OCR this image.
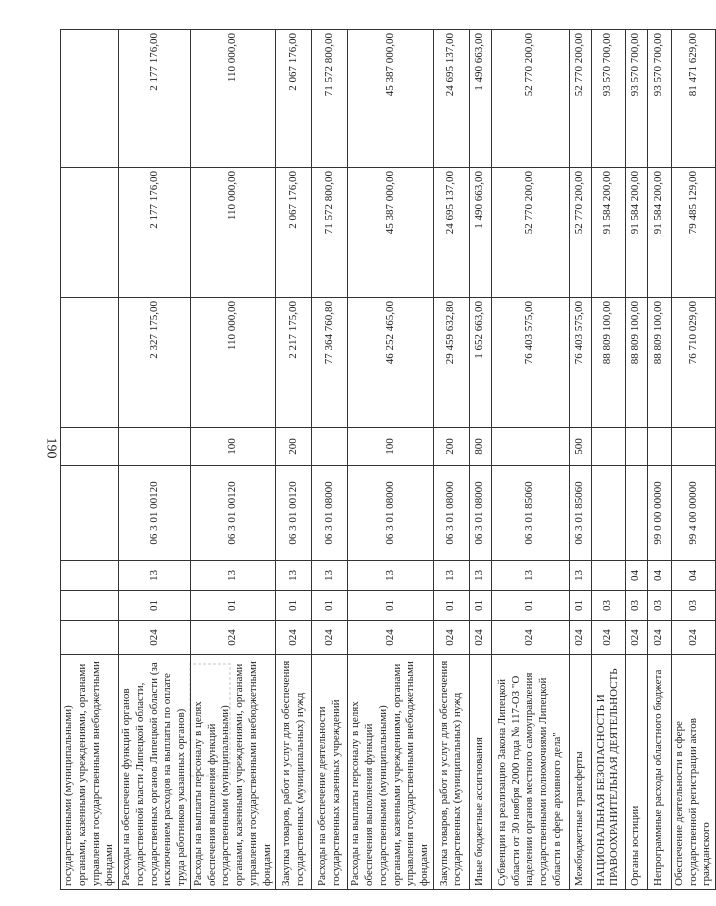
190
государственными (муниципальными) органами, казенными учреждениями, органами управления государственными внебюджетными фондами								
Расходы на обеспечение функций органов государственной власти Липецкой области, государственных органов Липецкой области (за исключением расходов на выплаты по оплате труда работников указанных органов)	024	01	13	06 3 01 00120		2 327 175,00	2 177 176,00	2 177 176,00
Расходы на выплаты персоналу в целях обеспечения выполнения функций государственными (муниципальными) органами, казенными учреждениями, органами управления государственными внебюджетными фондами	024	01	13	06 3 01 00120	100	110 000,00	110 000,00	110 000,00
Закупка товаров, работ и услуг для обеспечения государственных (муниципальных) нужд	024	01	13	06 3 01 00120	200	2 217 175,00	2 067 176,00	2 067 176,00
Расходы на обеспечение деятельности государственных казенных учреждений	024	01	13	06 3 01 08000		77 364 760,80	71 572 800,00	71 572 800,00
Расходы на выплаты персоналу в целях обеспечения выполнения функций государственными (муниципальными) органами, казенными учреждениями, органами управления государственными внебюджетными фондами	024	01	13	06 3 01 08000	100	46 252 465,00	45 387 000,00	45 387 000,00
Закупка товаров, работ и услуг для обеспечения государственных (муниципальных) нужд	024	01	13	06 3 01 08000	200	29 459 632,80	24 695 137,00	24 695 137,00
Иные бюджетные ассигнования	024	01	13	06 3 01 08000	800	1 652 663,00	1 490 663,00	1 490 663,00
Субвенции на реализацию Закона Липецкой области от 30 ноября 2000 года № 117-ОЗ "О наделении органов местного самоуправления государственными полномочиями Липецкой области в сфере архивного дела"	024	01	13	06 3 01 85060		76 403 575,00	52 770 200,00	52 770 200,00
Межбюджетные трансферты	024	01	13	06 3 01 85060	500	76 403 575,00	52 770 200,00	52 770 200,00
НАЦИОНАЛЬНАЯ БЕЗОПАСНОСТЬ И ПРАВООХРАНИТЕЛЬНАЯ ДЕЯТЕЛЬНОСТЬ	024	03				88 809 100,00	91 584 200,00	93 570 700,00
Органы юстиции	024	03	04			88 809 100,00	91 584 200,00	93 570 700,00
Непрограммные расходы областного бюджета	024	03	04	99 0 00 00000		88 809 100,00	91 584 200,00	93 570 700,00
Обеспечение деятельности в сфере государственной регистрации актов гражданского	024	03	04	99 4 00 00000		76 710 029,00	79 485 129,00	81 471 629,00
